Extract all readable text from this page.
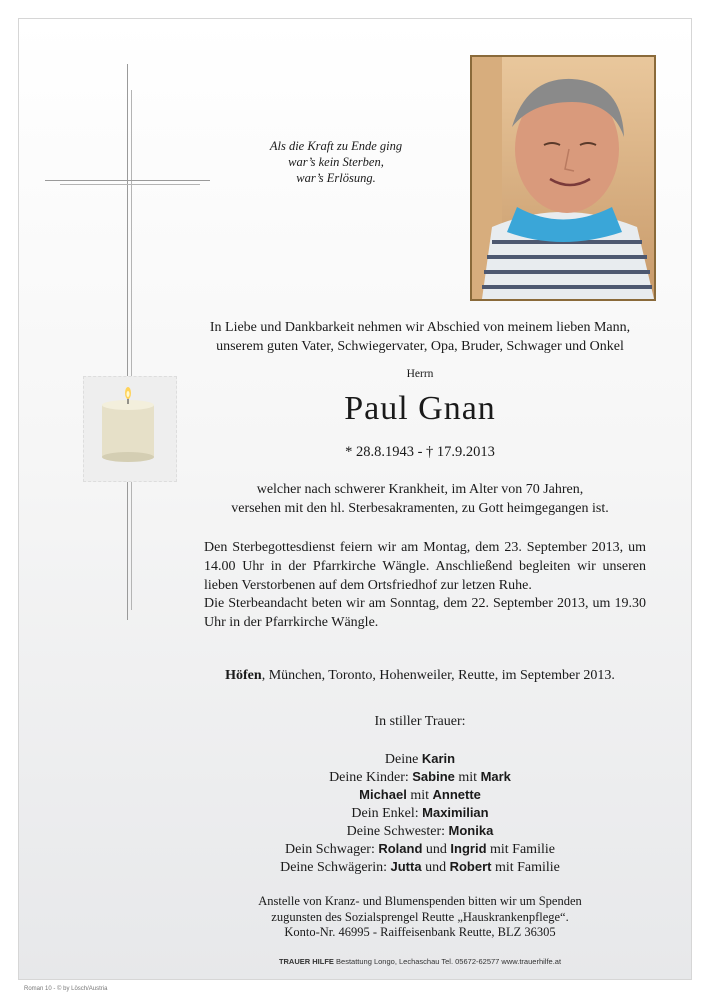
Als die Kraft zu Ende ging
war’s kein Sterben,
war’s Erlösung.
In Liebe und Dankbarkeit nehmen wir Abschied von meinem lieben Mann,
unserem guten Vater, Schwiegervater, Opa, Bruder, Schwager und Onkel
Herrn
Paul Gnan
* 28.8.1943 - † 17.9.2013
welcher nach schwerer Krankheit, im Alter von 70 Jahren,
versehen mit den hl. Sterbesakramenten, zu Gott heimgegangen ist.
Den Sterbegottesdienst feiern wir am Montag, dem 23. September 2013, um 14.00 Uhr in der Pfarrkirche Wängle. Anschließend begleiten wir unseren lieben Verstorbenen auf dem Ortsfriedhof zur letzen Ruhe.
Die Sterbeandacht beten wir am Sonntag, dem 22. September 2013, um 19.30 Uhr in der Pfarrkirche Wängle.
Höfen, München, Toronto, Hohenweiler, Reutte, im September 2013.
In stiller Trauer:
Deine Karin
Deine Kinder: Sabine mit Mark
Michael mit Annette
Dein Enkel: Maximilian
Deine Schwester: Monika
Dein Schwager: Roland und Ingrid mit Familie
Deine Schwägerin: Jutta und Robert mit Familie
Anstelle von Kranz- und Blumenspenden bitten wir um Spenden
zugunsten des Sozialsprengel Reutte „Hauskrankenpflege“.
Konto-Nr. 46995 - Raiffeisenbank Reutte, BLZ 36305
TRAUER HILFE Bestattung Longo, Lechaschau Tel. 05672-62577 www.trauerhilfe.at
Roman 10 - © by Lösch/Austria
